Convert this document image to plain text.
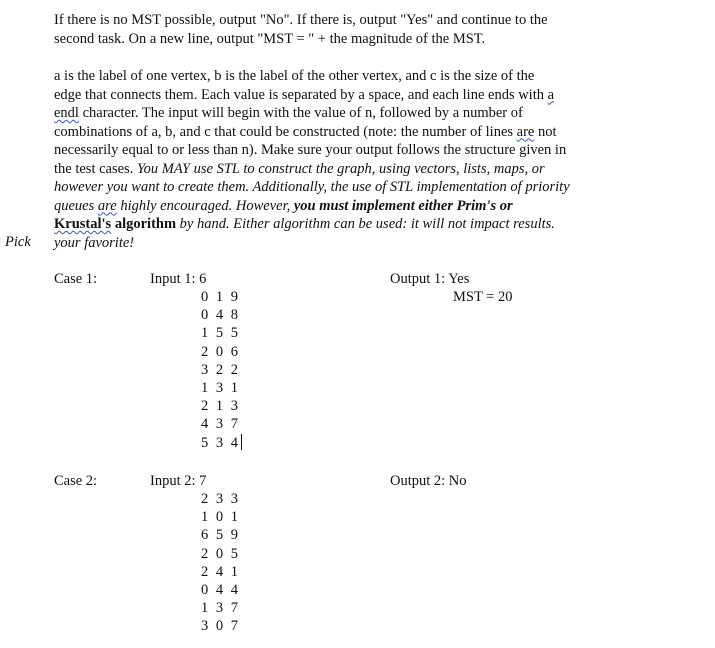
If there is no MST possible, output "No". If there is, output "Yes" and continue to the
second task. On a new line, output "MST = " + the magnitude of the MST.
a is the label of one vertex, b is the label of the other vertex, and c is the size of the
edge that connects them. Each value is separated by a space, and each line ends with a
endl character. The input will begin with the value of n, followed by a number of
combinations of a, b, and c that could be constructed (note: the number of lines are not
necessarily equal to or less than n). Make sure your output follows the structure given in
the test cases. You MAY use STL to construct the graph, using vectors, lists, maps, or
however you want to create them. Additionally, the use of STL implementation of priority
queues are highly encouraged. However, you must implement either Prim's or
Krustal's algorithm by hand. Either algorithm can be used: it will not impact results.
your favorite!
Pick
Case 1:	Input 1: 6	Output 1: Yes
MST = 20
0 1 9
0 4 8
1 5 5
2 0 6
3 2 2
1 3 1
2 1 3
4 3 7
5 3 4
Case 2:	Input 2: 7	Output 2: No
2 3 3
1 0 1
6 5 9
2 0 5
2 4 1
0 4 4
1 3 7
3 0 7
